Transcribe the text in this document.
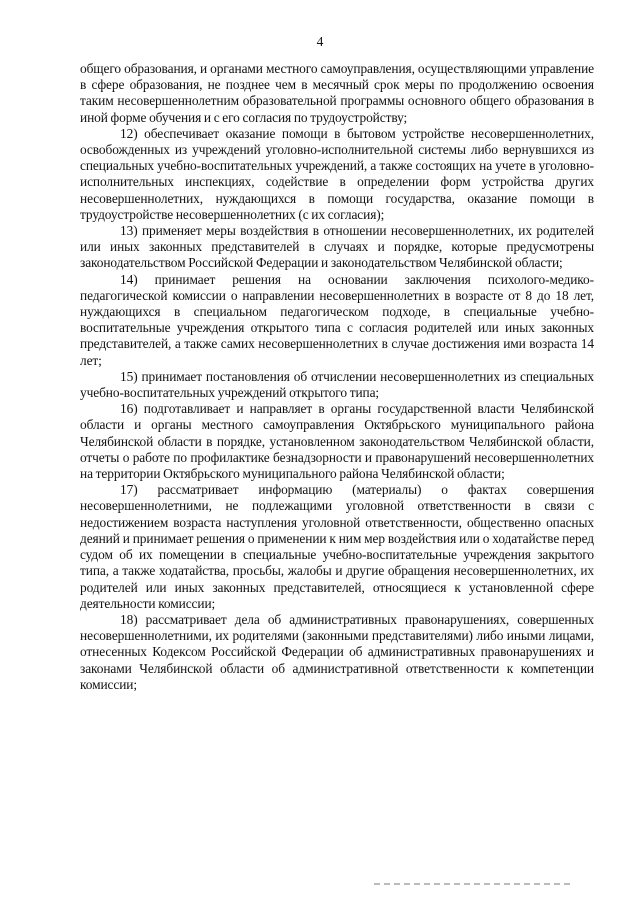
4

общего образования, и органами местного самоуправления, осуществляющими управление в сфере образования, не позднее чем в месячный срок меры по продолжению освоения таким несовершеннолетним образовательной программы основного общего образования в иной форме обучения и с его согласия по трудоустройству;

12) обеспечивает оказание помощи в бытовом устройстве несовершеннолетних, освобожденных из учреждений уголовно-исполнительной системы либо вернувшихся из специальных учебно-воспитательных учреждений, а также состоящих на учете в уголовно-исполнительных инспекциях, содействие в определении форм устройства других несовершеннолетних, нуждающихся в помощи государства, оказание помощи в трудоустройстве несовершеннолетних (с их согласия);

13) применяет меры воздействия в отношении несовершеннолетних, их родителей или иных законных представителей в случаях и порядке, которые предусмотрены законодательством Российской Федерации и законодательством Челябинской области;

14) принимает решения на основании заключения психолого-медико-педагогической комиссии о направлении несовершеннолетних в возрасте от 8 до 18 лет, нуждающихся в специальном педагогическом подходе, в специальные учебно-воспитательные учреждения открытого типа с согласия родителей или иных законных представителей, а также самих несовершеннолетних в случае достижения ими возраста 14 лет;

15) принимает постановления об отчислении несовершеннолетних из специальных учебно-воспитательных учреждений открытого типа;

16) подготавливает и направляет в органы государственной власти Челябинской области и органы местного самоуправления Октябрьского муниципального района Челябинской области в порядке, установленном законодательством Челябинской области, отчеты о работе по профилактике безнадзорности и правонарушений несовершеннолетних на территории Октябрьского муниципального района Челябинской области;

17) рассматривает информацию (материалы) о фактах совершения несовершеннолетними, не подлежащими уголовной ответственности в связи с недостижением возраста наступления уголовной ответственности, общественно опасных деяний и принимает решения о применении к ним мер воздействия или о ходатайстве перед судом об их помещении в специальные учебно-воспитательные учреждения закрытого типа, а также ходатайства, просьбы, жалобы и другие обращения несовершеннолетних, их родителей или иных законных представителей, относящиеся к установленной сфере деятельности комиссии;

18) рассматривает дела об административных правонарушениях, совершенных несовершеннолетними, их родителями (законными представителями) либо иными лицами, отнесенных Кодексом Российской Федерации об административных правонарушениях и законами Челябинской области об административной ответственности к компетенции комиссии;
